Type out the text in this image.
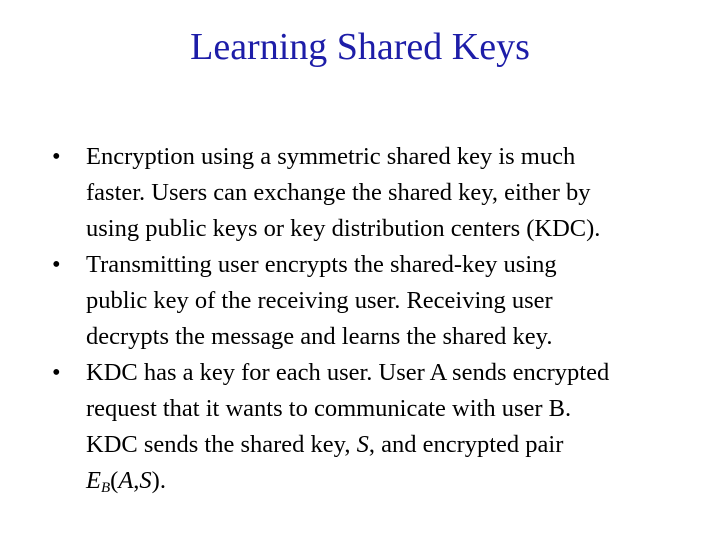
Learning Shared Keys
•	Encryption using a symmetric shared key is much
faster. Users can exchange the shared key, either by
using public keys or key distribution centers (KDC).
•	Transmitting user encrypts the shared-key using
public key of the receiving user. Receiving user
decrypts the message and learns the shared key.
•	KDC has a key for each user. User A sends encrypted
request that it wants to communicate with user B.
KDC sends the shared key, S, and encrypted pair
$E_B(A,S)$.
